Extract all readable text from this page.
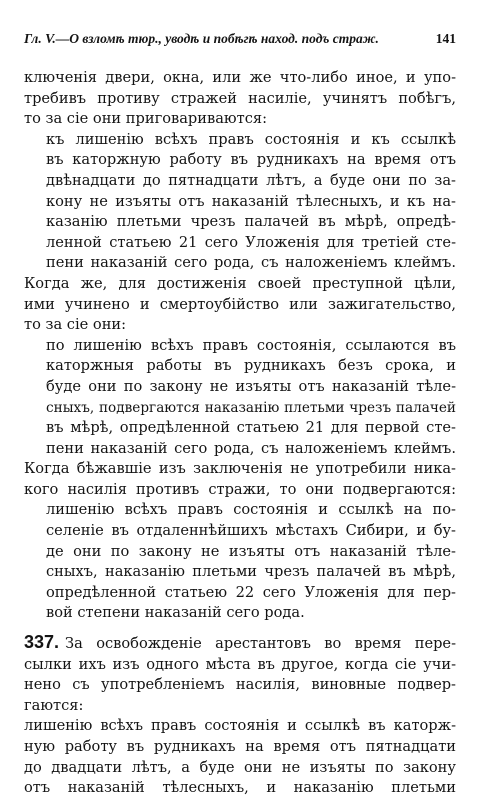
Гл. V.—О взломѣ тюр., уводѣ и побѣгѣ наход. подъ страж.	141

ключенія двери, окна, или же что-либо иное, и упо-
требивъ противу стражей насиліе, учинятъ побѣгъ,
то за сіе они приговариваются:

къ лишенію всѣхъ правъ состоянія и къ ссылкѣ
въ каторжную работу въ рудникахъ на время отъ
двѣнадцати до пятнадцати лѣтъ, а буде они по за-
кону не изъяты отъ наказаній тѣлесныхъ, и къ на-
казанію плетьми чрезъ палачей въ мѣрѣ, опредѣ-
ленной статьею 21 сего Уложенія для третіей сте-
пени наказаній сего рода, съ наложеніемъ клеймъ.

Когда же, для достиженія своей преступной цѣли,
ими учинено и смертоубійство или зажигательство,
то за сіе они:

по лишенію всѣхъ правъ состоянія, ссылаются въ
каторжныя работы въ рудникахъ безъ срока, и
буде они по закону не изъяты отъ наказаній тѣле-
сныхъ, подвергаются наказанію плетьми чрезъ палачей
въ мѣрѣ, опредѣленной статьею 21 для первой сте-
пени наказаній сего рода, съ наложеніемъ клеймъ.

Когда бѣжавшіе изъ заключенія не употребили ника-
кого насилія противъ стражи, то они подвергаются:

лишенію всѣхъ правъ состоянія и ссылкѣ на по-
селеніе въ отдаленнѣйшихъ мѣстахъ Сибири, и бу-
де они по закону не изъяты отъ наказаній тѣле-
сныхъ, наказанію плетьми чрезъ палачей въ мѣрѣ,
опредѣленной статьею 22 сего Уложенія для пер-
вой степени наказаній сего рода.

337. За освобожденіе арестантовъ во время пере-
сылки ихъ изъ одного мѣста въ другое, когда сіе учи-
нено съ употребленіемъ насилія, виновные подвер-
гаются:

лишенію всѣхъ правъ состоянія и ссылкѣ въ каторж-
ную работу въ рудникахъ на время отъ пятнадцати
до двадцати лѣтъ, а буде они не изъяты по закону
отъ наказаній тѣлесныхъ, и наказанію плетьми
